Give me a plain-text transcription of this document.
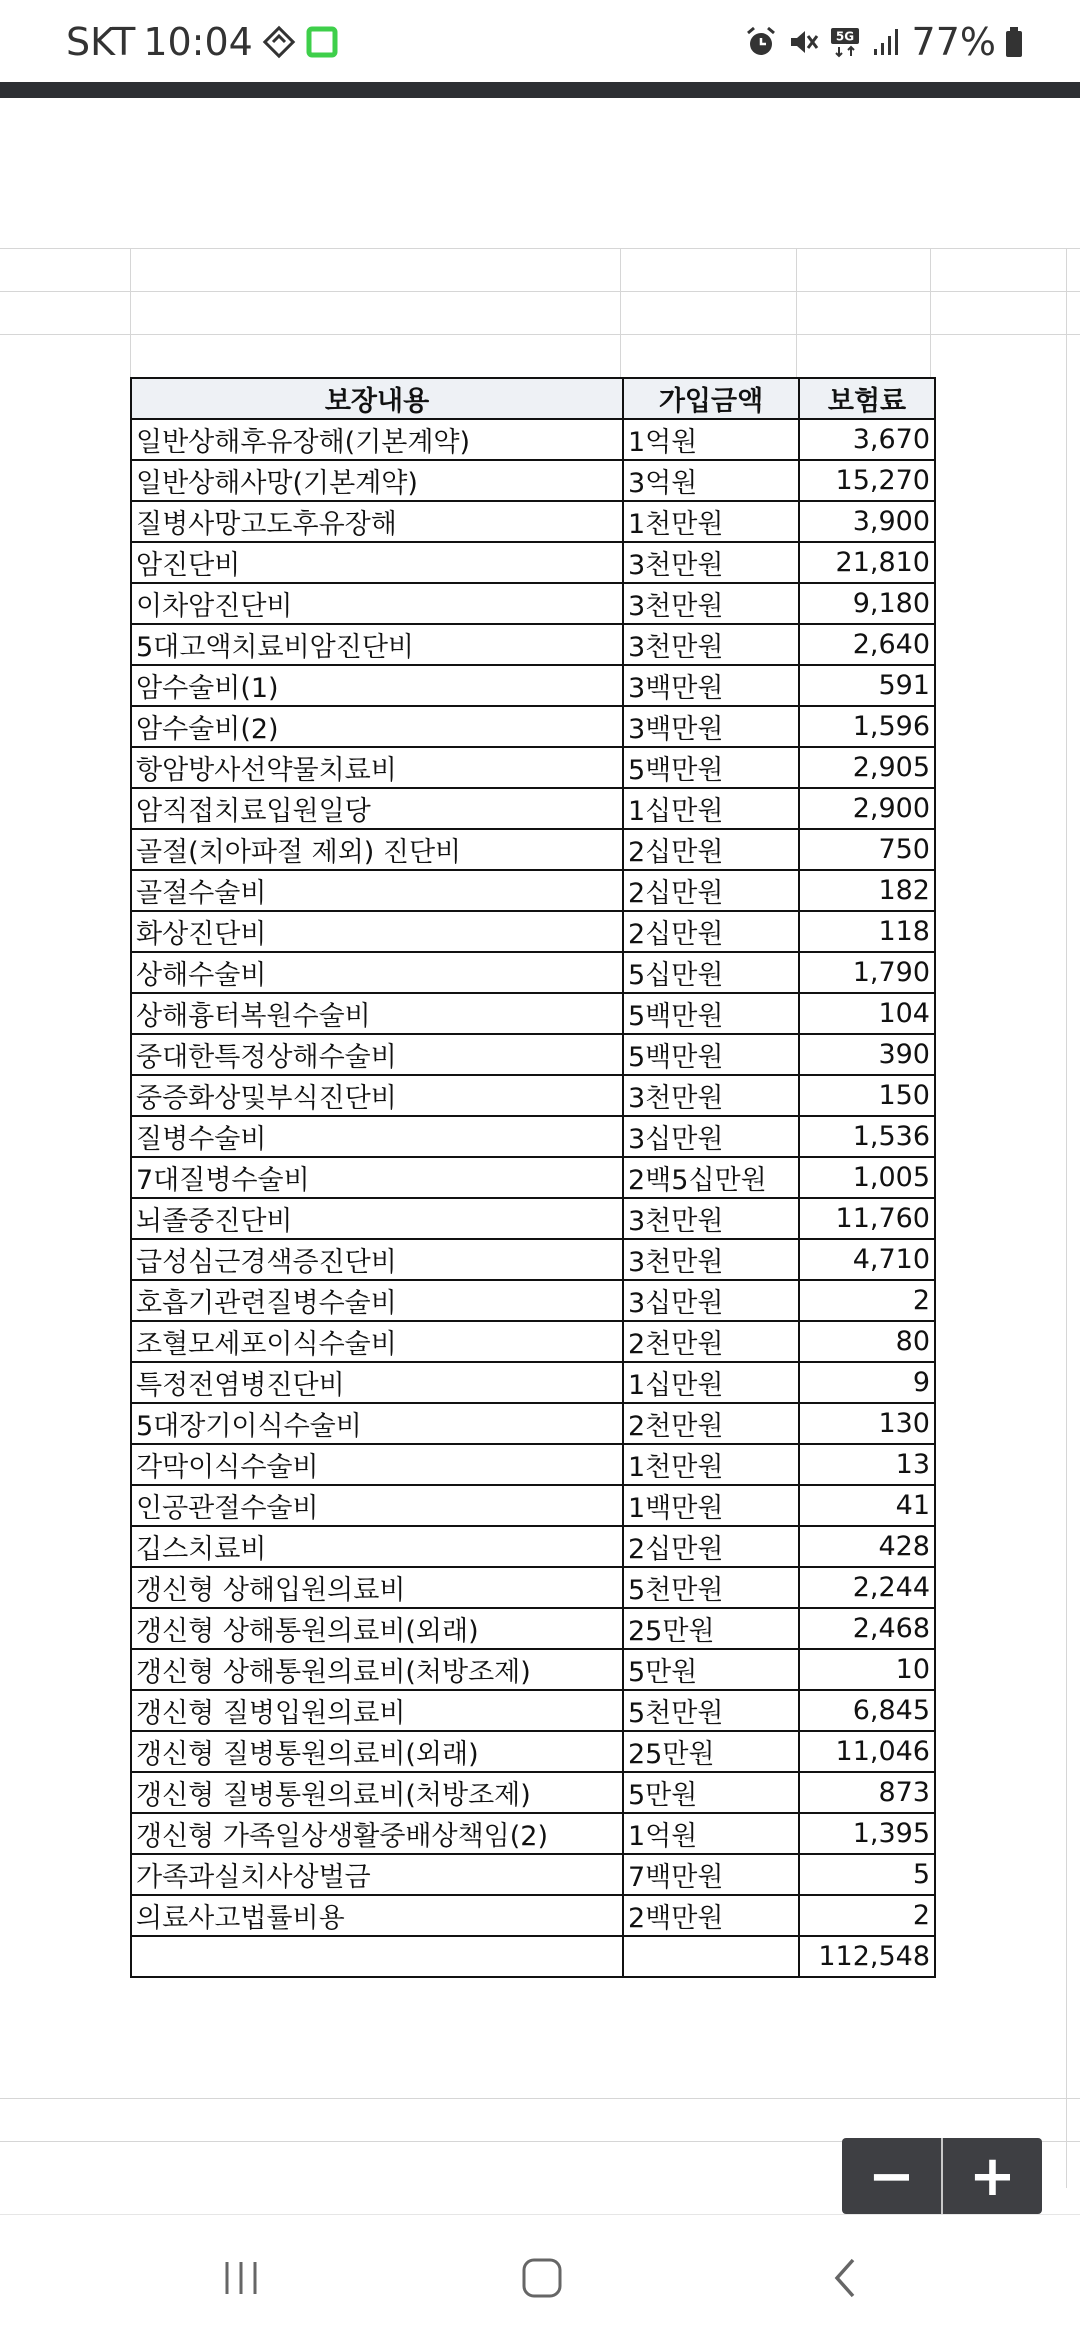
SKT 10:04	5G 77%
보장내용	가입금액	보험료
일반상해후유장해(기본계약)	1억원	3,670
일반상해사망(기본계약)	3억원	15,270
질병사망고도후유장해	1천만원	3,900
암진단비	3천만원	21,810
이차암진단비	3천만원	9,180
5대고액치료비암진단비	3천만원	2,640
암수술비(1)	3백만원	591
암수술비(2)	3백만원	1,596
항암방사선약물치료비	5백만원	2,905
암직접치료입원일당	1십만원	2,900
골절(치아파절 제외) 진단비	2십만원	750
골절수술비	2십만원	182
화상진단비	2십만원	118
상해수술비	5십만원	1,790
상해흉터복원수술비	5백만원	104
중대한특정상해수술비	5백만원	390
중증화상및부식진단비	3천만원	150
질병수술비	3십만원	1,536
7대질병수술비	2백5십만원	1,005
뇌졸중진단비	3천만원	11,760
급성심근경색증진단비	3천만원	4,710
호흡기관련질병수술비	3십만원	2
조혈모세포이식수술비	2천만원	80
특정전염병진단비	1십만원	9
5대장기이식수술비	2천만원	130
각막이식수술비	1천만원	13
인공관절수술비	1백만원	41
깁스치료비	2십만원	428
갱신형 상해입원의료비	5천만원	2,244
갱신형 상해통원의료비(외래)	25만원	2,468
갱신형 상해통원의료비(처방조제)	5만원	10
갱신형 질병입원의료비	5천만원	6,845
갱신형 질병통원의료비(외래)	25만원	11,046
갱신형 질병통원의료비(처방조제)	5만원	873
갱신형 가족일상생활중배상책임(2)	1억원	1,395
가족과실치사상벌금	7백만원	5
의료사고법률비용	2백만원	2
		112,548
− +
